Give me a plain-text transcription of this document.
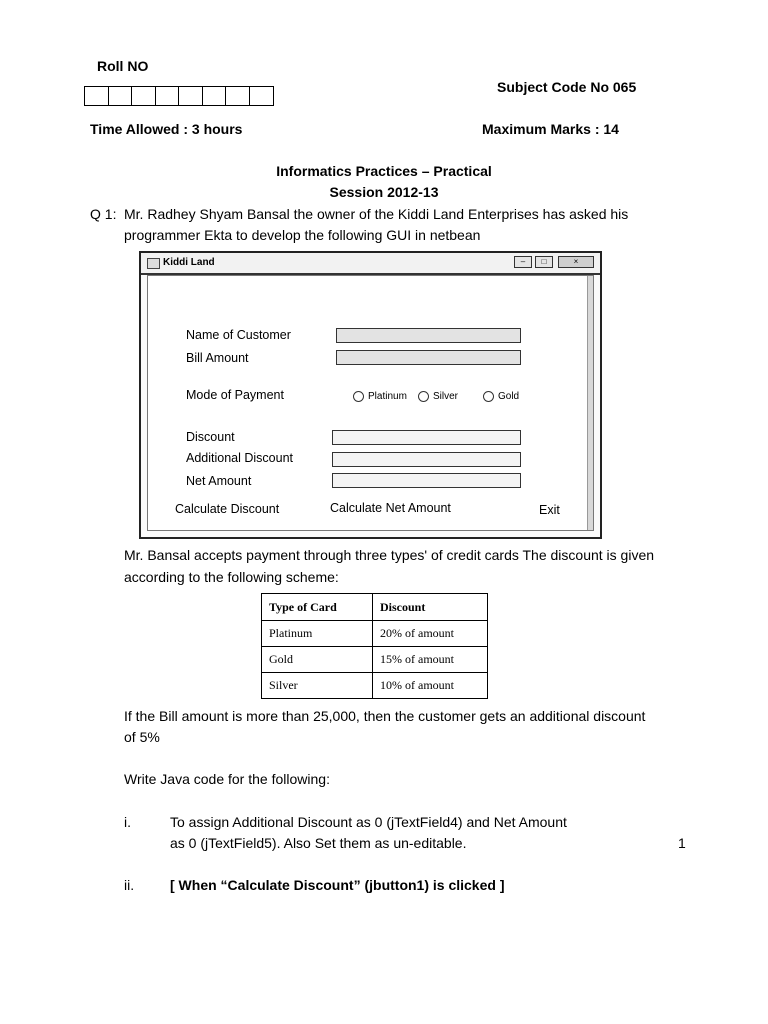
Roll NO
Subject Code No 065
Time Allowed : 3 hours	Maximum Marks : 14
Informatics Practices – Practical
Session 2012-13
Q 1: Mr. Radhey Shyam Bansal the owner of the Kiddi Land Enterprises has asked his
programmer Ekta to develop the following GUI in netbean
Kiddi Land	–	□	×
Name of Customer
Bill Amount
Mode of Payment	Platinum	Silver	Gold
Discount
Additional Discount
Net Amount
Calculate Discount	Calculate Net Amount	Exit
Mr. Bansal accepts payment through three types' of credit cards The discount is given
according to the following scheme:
Type of Card	Discount
Platinum	20% of amount
Gold	15% of amount
Silver	10% of amount
If the Bill amount is more than 25,000, then the customer gets an additional discount
of 5%
Write Java code for the following:
i.	To assign Additional Discount as 0 (jTextField4) and Net Amount
as 0 (jTextField5). Also Set them as un-editable.	1
ii.	[ When “Calculate Discount” (jbutton1) is clicked ]
